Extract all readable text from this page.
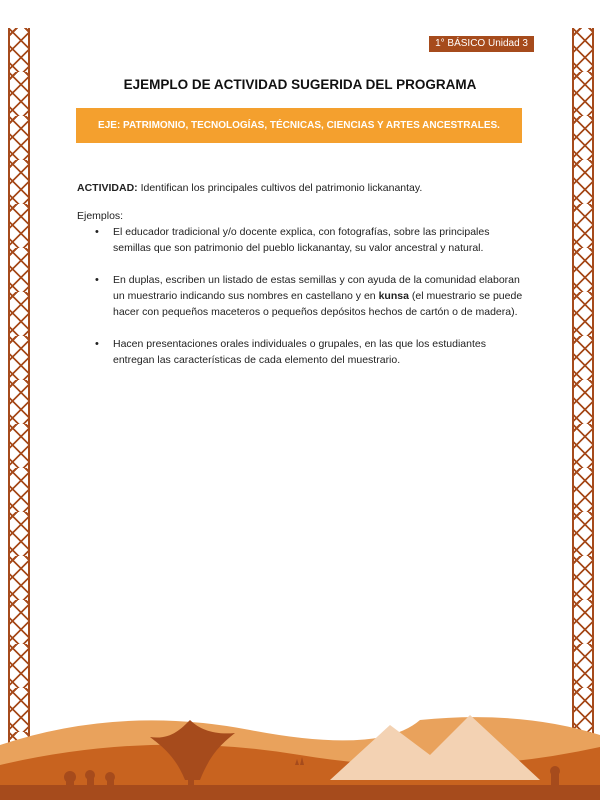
1° BÁSICO Unidad 3
EJEMPLO DE ACTIVIDAD SUGERIDA DEL PROGRAMA
EJE: PATRIMONIO, TECNOLOGÍAS, TÉCNICAS, CIENCIAS Y ARTES ANCESTRALES.

ACTIVIDAD: Identifican los principales cultivos del patrimonio lickanantay.

Ejemplos:

• El educador tradicional y/o docente explica, con fotografías, sobre las principales semillas que son patrimonio del pueblo lickanantay, su valor ancestral y natural.
• En duplas, escriben un listado de estas semillas y con ayuda de la comunidad elaboran un muestrario indicando sus nombres en castellano y en kunsa (el muestrario se puede hacer con pequeños maceteros o pequeños depósitos hechos de cartón o de madera).
• Hacen presentaciones orales individuales o grupales, en las que los estudiantes entregan las características de cada elemento del muestrario.
